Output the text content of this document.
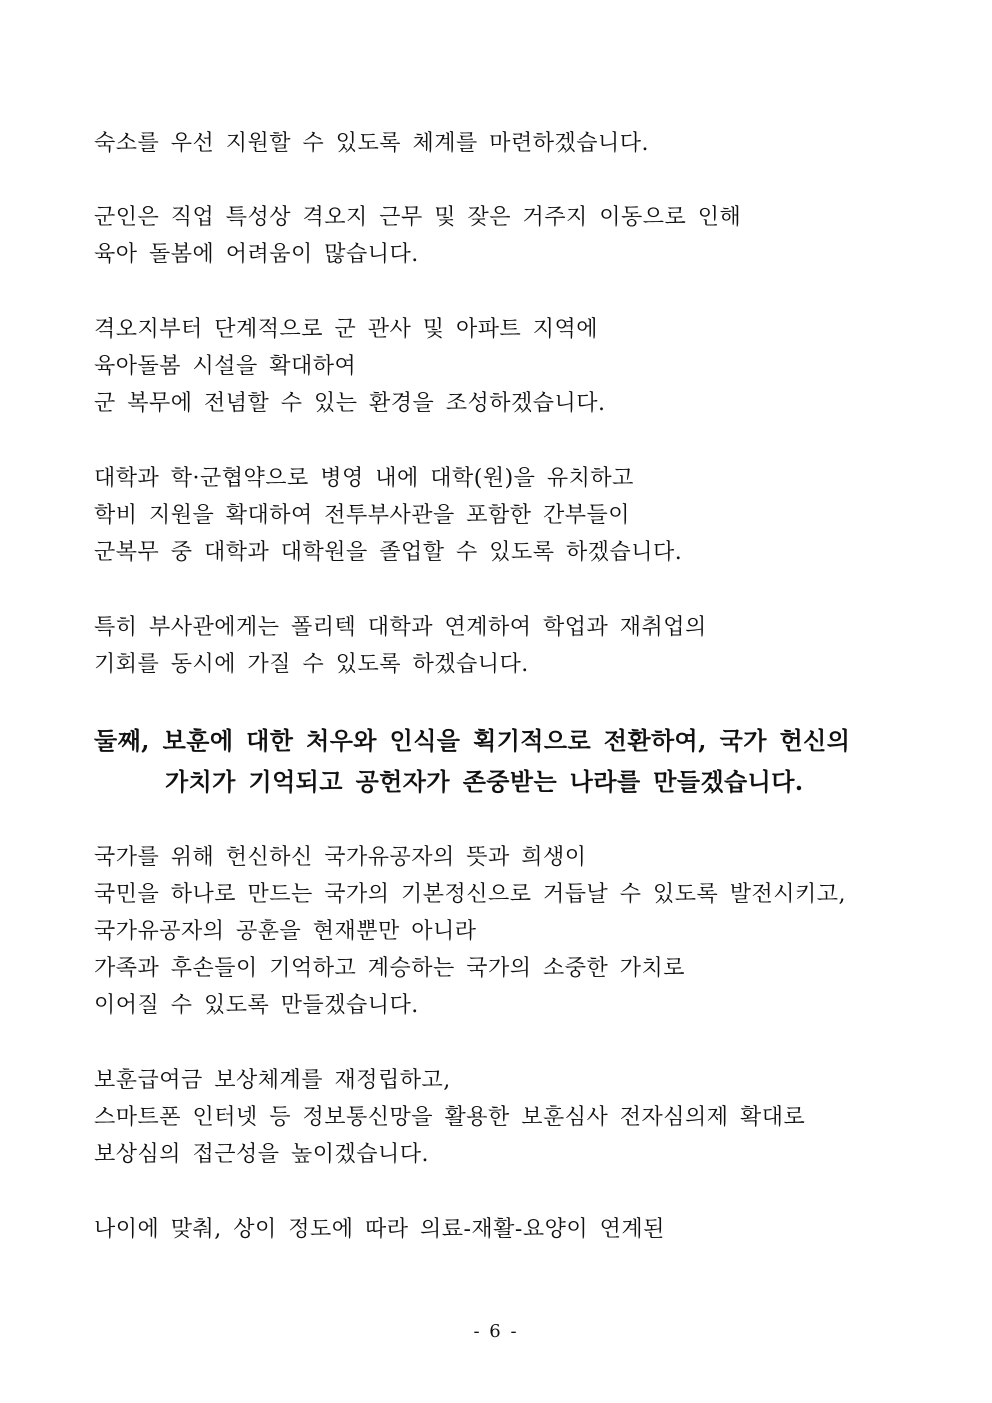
숙소를 우선 지원할 수 있도록 체계를 마련하겠습니다.
군인은 직업 특성상 격오지 근무 및 잦은 거주지 이동으로 인해
육아 돌봄에 어려움이 많습니다.
격오지부터 단계적으로 군 관사 및 아파트 지역에
육아돌봄 시설을 확대하여
군 복무에 전념할 수 있는 환경을 조성하겠습니다.
대학과 학·군협약으로 병영 내에 대학(원)을 유치하고
학비 지원을 확대하여 전투부사관을 포함한 간부들이
군복무 중 대학과 대학원을 졸업할 수 있도록 하겠습니다.
특히 부사관에게는 폴리텍 대학과 연계하여 학업과 재취업의
기회를 동시에 가질 수 있도록 하겠습니다.
둘째, 보훈에 대한 처우와 인식을 획기적으로 전환하여, 국가 헌신의
가치가 기억되고 공헌자가 존중받는 나라를 만들겠습니다.
국가를 위해 헌신하신 국가유공자의 뜻과 희생이
국민을 하나로 만드는 국가의 기본정신으로 거듭날 수 있도록 발전시키고,
국가유공자의 공훈을 현재뿐만 아니라
가족과 후손들이 기억하고 계승하는 국가의 소중한 가치로
이어질 수 있도록 만들겠습니다.
보훈급여금 보상체계를 재정립하고,
스마트폰 인터넷 등 정보통신망을 활용한 보훈심사 전자심의제 확대로
보상심의 접근성을 높이겠습니다.
나이에 맞춰, 상이 정도에 따라 의료-재활-요양이 연계된
- 6 -
